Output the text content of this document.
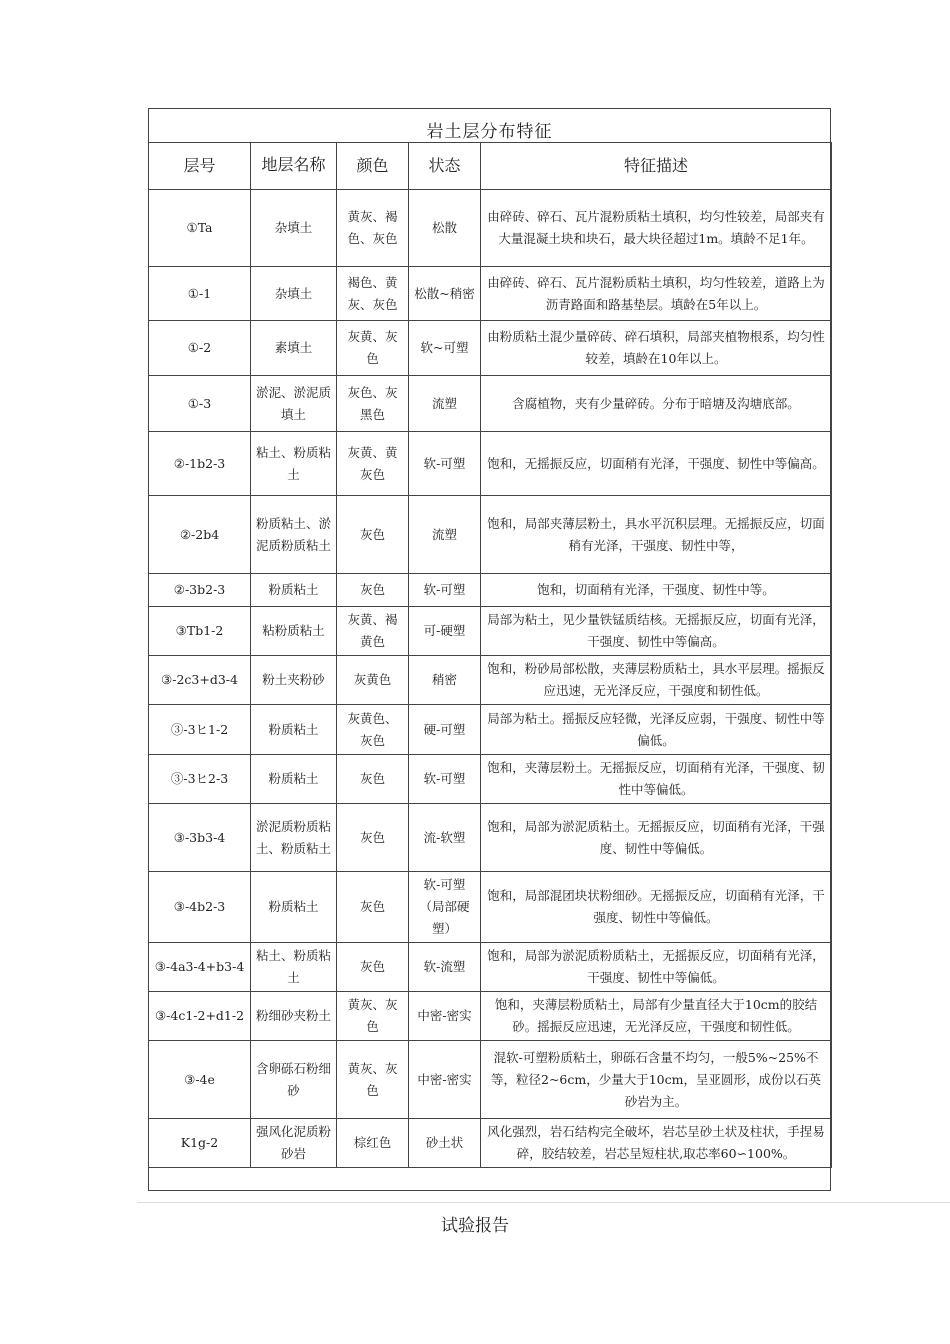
岩土层分布特征
层号	地层名称	颜色	状态	特征描述
①Ta	杂填土	黄灰、褐色、灰色	松散	由碎砖、碎石、瓦片混粉质粘土填积，均匀性较差，局部夹有大量混凝土块和块石，最大块径超过1m。填龄不足1年。
①-1	杂填土	褐色、黄灰、灰色	松散~稍密	由碎砖、碎石、瓦片混粉质粘土填积，均匀性较差，道路上为沥青路面和路基垫层。填龄在5年以上。
①-2	素填土	灰黄、灰色	软~可塑	由粉质粘土混少量碎砖、碎石填积，局部夹植物根系，均匀性较差，填龄在10年以上。
①-3	淤泥、淤泥质填土	灰色、灰黑色	流塑	含腐植物，夹有少量碎砖。分布于暗塘及沟塘底部。
②-1b2-3	粘土、粉质粘土	灰黄、黄灰色	软-可塑	饱和，无摇振反应，切面稍有光泽，干强度、韧性中等偏高。
②-2b4	粉质粘土、淤泥质粉质粘土	灰色	流塑	饱和，局部夹薄层粉土，具水平沉积层理。无摇振反应，切面稍有光泽，干强度、韧性中等，
②-3b2-3	粉质粘土	灰色	软-可塑	饱和，切面稍有光泽，干强度、韧性中等。
③Tb1-2	粘粉质粘土	灰黄、褐黄色	可-硬塑	局部为粘土，见少量铁锰质结核。无摇振反应，切面有光泽，干强度、韧性中等偏高。
③-2c3+d3-4	粉土夹粉砂	灰黄色	稍密	饱和，粉砂局部松散，夹薄层粉质粘土，具水平层理。摇振反应迅速，无光泽反应，干强度和韧性低。
③-3ヒ1-2	粉质粘土	灰黄色、灰色	硬-可塑	局部为粘土。摇振反应轻微，光泽反应弱，干强度、韧性中等偏低。
③-3ヒ2-3	粉质粘土	灰色	软-可塑	饱和，夹薄层粉土。无摇振反应，切面稍有光泽，干强度、韧性中等偏低。
③-3b3-4	淤泥质粉质粘土、粉质粘土	灰色	流-软塑	饱和，局部为淤泥质粘土。无摇振反应，切面稍有光泽，干强度、韧性中等偏低。
③-4b2-3	粉质粘土	灰色	软-可塑（局部硬塑）	饱和，局部混团块状粉细砂。无摇振反应，切面稍有光泽，干强度、韧性中等偏低。
③-4a3-4+b3-4	粘土、粉质粘土	灰色	软-流塑	饱和，局部为淤泥质粉质粘土，无摇振反应，切面稍有光泽，干强度、韧性中等偏低。
③-4c1-2+d1-2	粉细砂夹粉土	黄灰、灰色	中密-密实	饱和，夹薄层粉质粘土，局部有少量直径大于10cm的胶结砂。摇振反应迅速，无光泽反应，干强度和韧性低。
③-4e	含卵砾石粉细砂	黄灰、灰色	中密-密实	混软-可塑粉质粘土，卵砾石含量不均匀，一般5%~25%不等，粒径2~6cm，少量大于10cm，呈亚圆形，成份以石英砂岩为主。
K1g-2	强风化泥质粉砂岩	棕红色	砂土状	风化强烈，岩石结构完全破坏，岩芯呈砂土状及柱状，手捏易碎，胶结较差，岩芯呈短柱状,取芯率60∽100%。
试验报告
